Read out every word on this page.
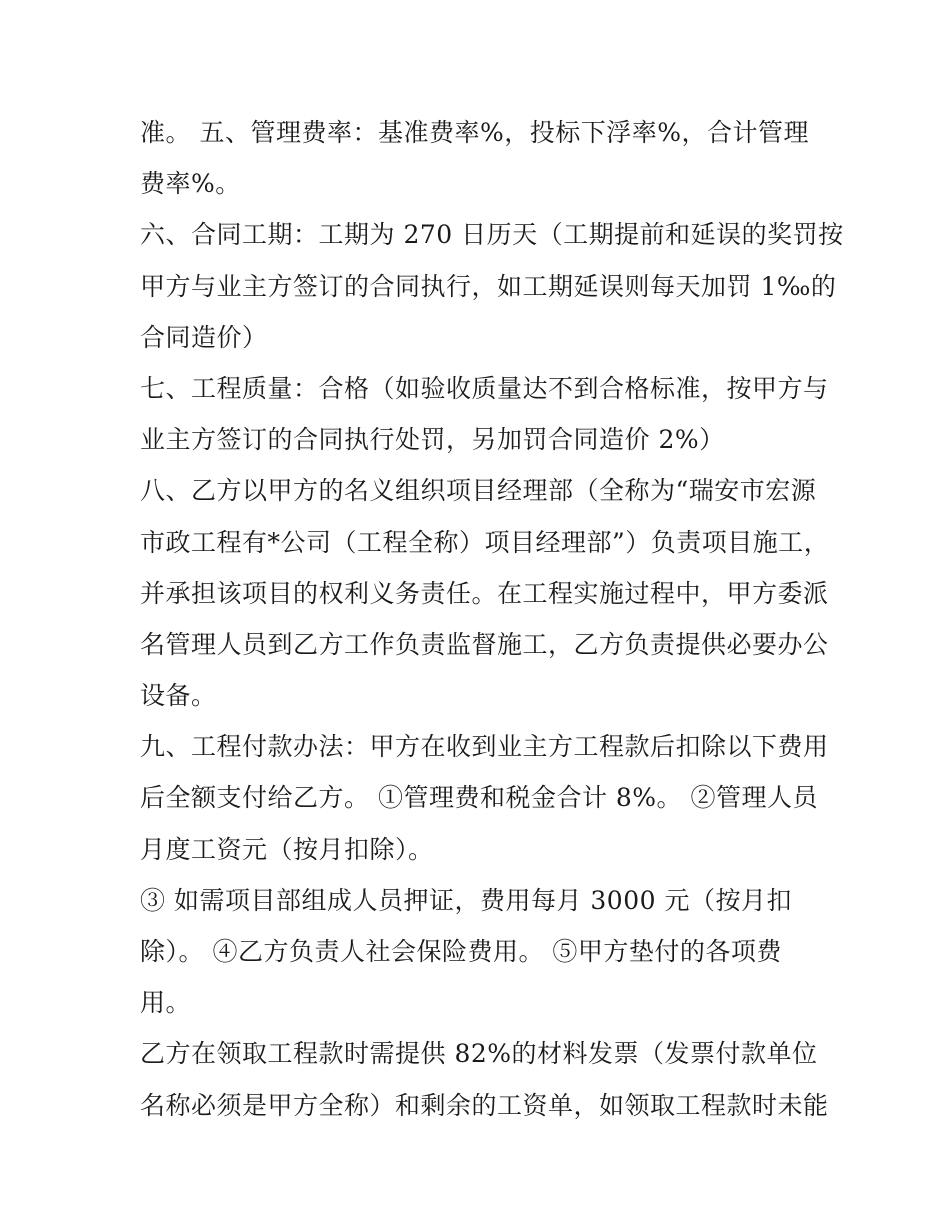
准。 五、管理费率：基准费率%，投标下浮率%，合计管理
费率%。
六、合同工期：工期为 270 日历天（工期提前和延误的奖罚按
甲方与业主方签订的合同执行，如工期延误则每天加罚 1‰的
合同造价）
七、工程质量：合格（如验收质量达不到合格标准，按甲方与
业主方签订的合同执行处罚，另加罚合同造价 2%）
八、乙方以甲方的名义组织项目经理部（全称为“瑞安市宏源
市政工程有*公司（工程全称）项目经理部”）负责项目施工，
并承担该项目的权利义务责任。在工程实施过程中，甲方委派
名管理人员到乙方工作负责监督施工，乙方负责提供必要办公
设备。
九、工程付款办法：甲方在收到业主方工程款后扣除以下费用
后全额支付给乙方。 ①管理费和税金合计 8%。 ②管理人员
月度工资元（按月扣除）。
③ 如需项目部组成人员押证，费用每月 3000 元（按月扣
除）。 ④乙方负责人社会保险费用。 ⑤甲方垫付的各项费
用。
乙方在领取工程款时需提供 82%的材料发票（发票付款单位
名称必须是甲方全称）和剩余的工资单，如领取工程款时未能
